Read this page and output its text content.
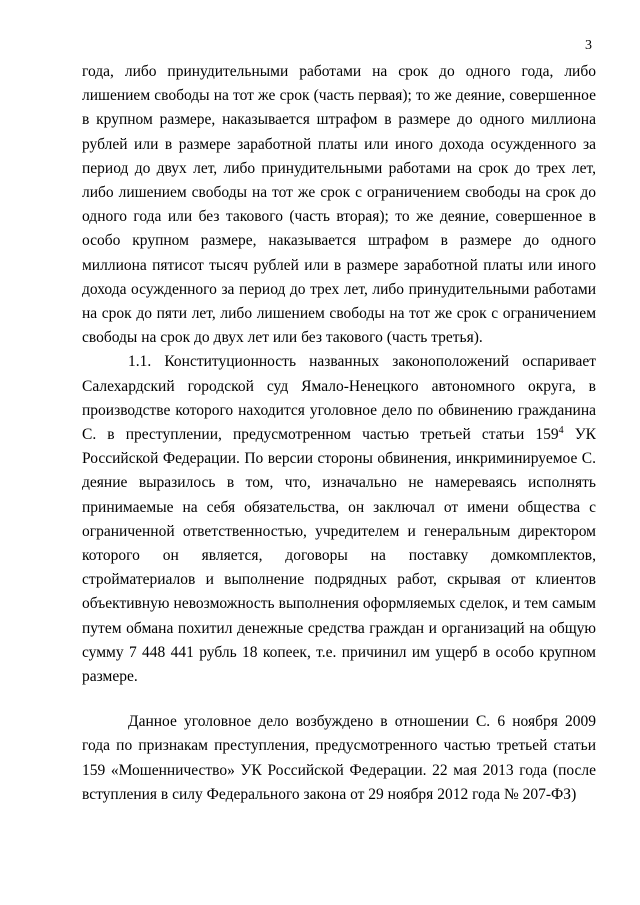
3

года, либо принудительными работами на срок до одного года, либо лишением свободы на тот же срок (часть первая); то же деяние, совершенное в крупном размере, наказывается штрафом в размере до одного миллиона рублей или в размере заработной платы или иного дохода осужденного за период до двух лет, либо принудительными работами на срок до трех лет, либо лишением свободы на тот же срок с ограничением свободы на срок до одного года или без такового (часть вторая); то же деяние, совершенное в особо крупном размере, наказывается штрафом в размере до одного миллиона пятисот тысяч рублей или в размере заработной платы или иного дохода осужденного за период до трех лет, либо принудительными работами на срок до пяти лет, либо лишением свободы на тот же срок с ограничением свободы на срок до двух лет или без такового (часть третья).

1.1. Конституционность названных законоположений оспаривает Салехардский городской суд Ямало-Ненецкого автономного округа, в производстве которого находится уголовное дело по обвинению гражданина С. в преступлении, предусмотренном частью третьей статьи $159^4$ УК Российской Федерации. По версии стороны обвинения, инкриминируемое С. деяние выразилось в том, что, изначально не намереваясь исполнять принимаемые на себя обязательства, он заключал от имени общества с ограниченной ответственностью, учредителем и генеральным директором которого он является, договоры на поставку домкомплектов, стройматериалов и выполнение подрядных работ, скрывая от клиентов объективную невозможность выполнения оформляемых сделок, и тем самым путем обмана похитил денежные средства граждан и организаций на общую сумму 7 448 441 рубль 18 копеек, т.е. причинил им ущерб в особо крупном размере.

Данное уголовное дело возбуждено в отношении С. 6 ноября 2009 года по признакам преступления, предусмотренного частью третьей статьи 159 «Мошенничество» УК Российской Федерации. 22 мая 2013 года (после вступления в силу Федерального закона от 29 ноября 2012 года № 207-ФЗ)
